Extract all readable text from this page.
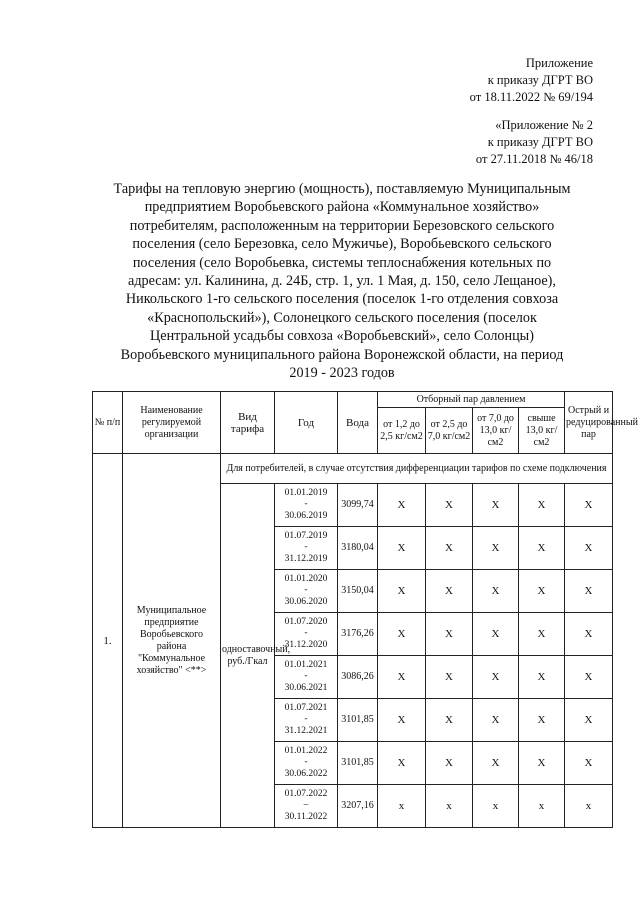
Приложение
к приказу ДГРТ ВО
от 18.11.2022 № 69/194
«Приложение № 2
к приказу ДГРТ ВО
от 27.11.2018 № 46/18
Тарифы на тепловую энергию (мощность), поставляемую Муниципальным
предприятием Воробьевского района «Коммунальное хозяйство»
потребителям, расположенным на территории Березовского сельского
поселения (село Березовка, село Мужичье), Воробьевского сельского
поселения (село Воробьевка, системы теплоснабжения котельных по
адресам: ул. Калинина, д. 24Б, стр. 1, ул. 1 Мая, д. 150, село Лещаное),
Никольского 1-го сельского поселения (поселок 1-го отделения совхоза
«Краснопольский»), Солонецкого сельского поселения (поселок
Центральной усадьбы совхоза «Воробьевский», село Солонцы)
Воробьевского муниципального района Воронежской области, на период
2019 - 2023 годов
№ п/п	Наименование регулируемой организации	Вид тарифа	Год	Вода	Отборный пар давлением				Острый и редуцированный пар
					от 1,2 до 2,5 кг/см2	от 2,5 до 7,0 кг/см2	от 7,0 до 13,0 кг/см2	свыше 13,0 кг/см2	
1.	Муниципальное предприятие Воробьевского района "Коммунальное хозяйство" <**>	Для потребителей, в случае отсутствия дифференциации тарифов по схеме подключения							
		одноставочный, руб./Гкал	01.01.2019
-
30.06.2019	3099,74	Х	Х	Х	Х	Х
			01.07.2019
-
31.12.2019	3180,04	Х	Х	Х	Х	Х
			01.01.2020
-
30.06.2020	3150,04	Х	Х	Х	Х	Х
			01.07.2020
-
31.12.2020	3176,26	Х	Х	Х	Х	Х
			01.01.2021
-
30.06.2021	3086,26	Х	Х	Х	Х	Х
			01.07.2021
-
31.12.2021	3101,85	Х	Х	Х	Х	Х
			01.01.2022
-
30.06.2022	3101,85	Х	Х	Х	Х	Х
			01.07.2022
–
30.11.2022	3207,16	х	х	х	х	х
